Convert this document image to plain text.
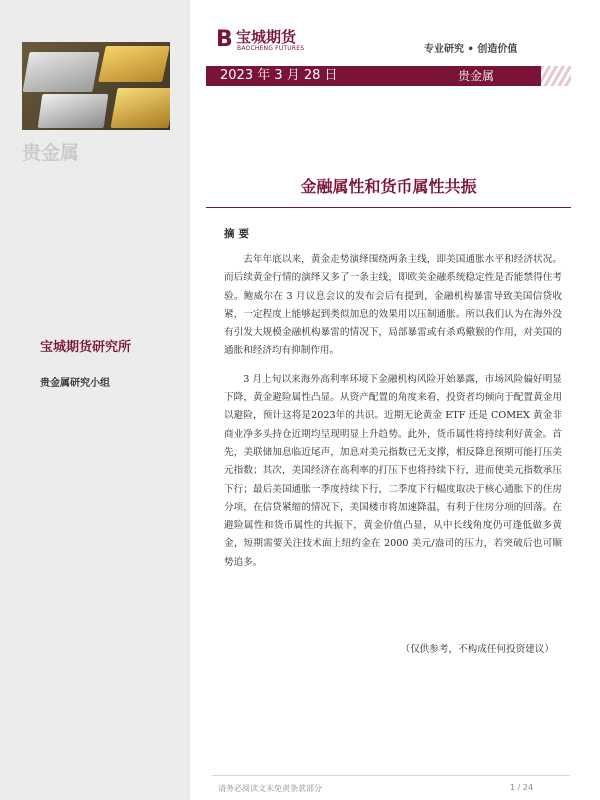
贵金属
宝城期货研究所
贵金属研究小组
B 宝城期货
BAOCHENG FUTURES	专业研究 • 创造价值
2023 年 3 月 28 日	贵金属
金融属性和货币属性共振
摘要

去年年底以来，黄金走势演绎围绕两条主线，即美国通胀水平和经济状况。而后续黄金行情的演绎又多了一条主线，即欧美金融系统稳定性是否能禁得住考验。鲍威尔在 3 月议息会议的发布会后有提到，金融机构暴雷导致美国信贷收紧，一定程度上能够起到类似加息的效果用以压制通胀。所以我们认为在海外没有引发大规模金融机构暴雷的情况下，局部暴雷或有杀鸡儆猴的作用，对美国的通胀和经济均有抑制作用。

3 月上旬以来海外高利率环境下金融机构风险开始暴露，市场风险偏好明显下降，黄金避险属性凸显。从资产配置的角度来看，投资者均倾向于配置黄金用以避险，预计这将是2023年的共识。近期无论黄金 ETF 还是 COMEX 黄金非商业净多头持仓近期均呈现明显上升趋势。此外，货币属性将持续利好黄金。首先，美联储加息临近尾声，加息对美元指数已无支撑，相反降息预期可能打压美元指数；其次，美国经济在高利率的打压下也将持续下行，进而使美元指数承压下行；最后美国通胀一季度持续下行，二季度下行幅度取决于核心通胀下的住房分项，在信贷紧缩的情况下，美国楼市将加速降温，有利于住房分项的回落。在避险属性和货币属性的共振下，黄金价值凸显，从中长线角度仍可逢低做多黄金，短期需要关注技术面上纽约金在 2000 美元/盎司的压力，若突破后也可顺势追多。

（仅供参考，不构成任何投资建议）
请务必阅读文末免责条款部分	1 / 24
